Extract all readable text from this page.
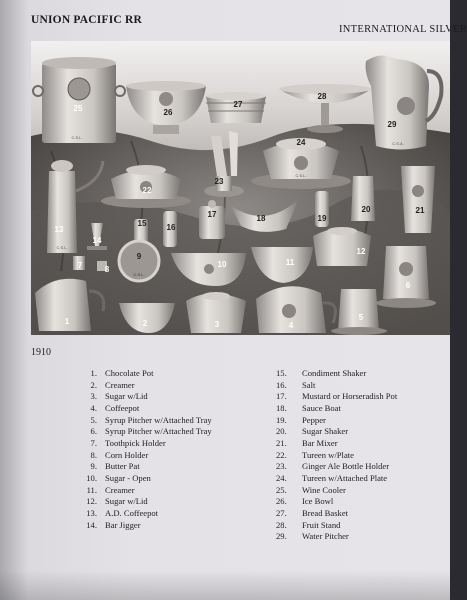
UNION PACIFIC RR
INTERNATIONAL SILVER
C.S.L.
C.S.A.
C.S.L.
C.S.L.
C.S.L.
1	2	3	4
5
6
7	8
9
10	11
12
13
14
15	16
17	18	19
20	21
22
23
24
25	26
27
28
29
1910
1. Chocolate Pot
2. Creamer
3. Sugar w/Lid
4. Coffeepot
5. Syrup Pitcher w/Attached Tray
6. Syrup Pitcher w/Attached Tray
7. Toothpick Holder
8. Corn Holder
9. Butter Pat
10. Sugar - Open
11. Creamer
12. Sugar w/Lid
13. A.D. Coffeepot
14. Bar Jigger
15.	Condiment Shaker
16.	Salt
17.	Mustard or Horseradish Pot
18.	Sauce Boat
19.	Pepper
20.	Sugar Shaker
21.	Bar Mixer
22.	Tureen w/Plate
23.	Ginger Ale Bottle Holder
24.	Tureen w/Attached Plate
25.	Wine Cooler
26.	Ice Bowl
27.	Bread Basket
28.	Fruit Stand
29.	Water Pitcher
